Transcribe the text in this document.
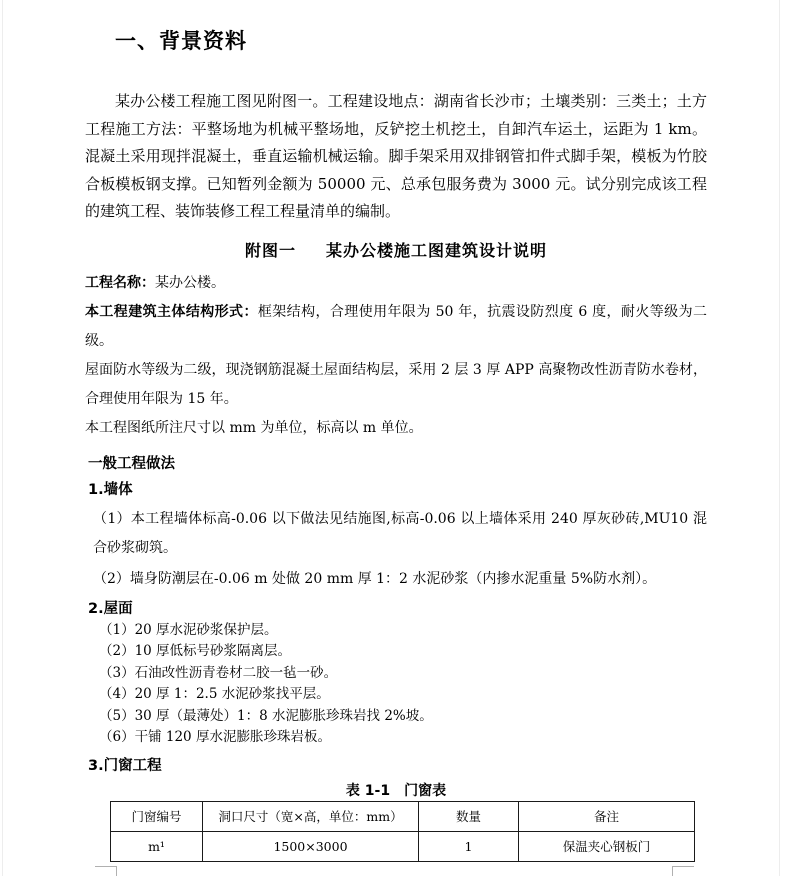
一、背景资料

某办公楼工程施工图见附图一。工程建设地点：湖南省长沙市；土壤类别：三类土；土方工程施工方法：平整场地为机械平整场地，反铲挖土机挖土，自卸汽车运土，运距为 1 km。混凝土采用现拌混凝土，垂直运输机械运输。脚手架采用双排钢管扣件式脚手架，模板为竹胶合板模板钢支撑。已知暂列金额为 50000 元、总承包服务费为 3000 元。试分别完成该工程的建筑工程、装饰装修工程工程量清单的编制。

附图一 某办公楼施工图建筑设计说明

工程名称：某办公楼。

本工程建筑主体结构形式：框架结构，合理使用年限为 50 年，抗震设防烈度 6 度，耐火等级为二级。

屋面防水等级为二级，现浇钢筋混凝土屋面结构层，采用 2 层 3 厚 APP 高聚物改性沥青防水卷材，合理使用年限为 15 年。

本工程图纸所注尺寸以 mm 为单位，标高以 m 单位。

一般工程做法
1.墙体

（1）本工程墙体标高-0.06 以下做法见结施图,标高-0.06 以上墙体采用 240 厚灰砂砖,MU10 混合砂浆砌筑。

（2）墙身防潮层在-0.06 m 处做 20 mm 厚 1：2 水泥砂浆（内掺水泥重量 5%防水剂）。

2.屋面

（1）20 厚水泥砂浆保护层。

（2）10 厚低标号砂浆隔离层。

（3）石油改性沥青卷材二胶一毡一砂。

（4）20 厚 1：2.5 水泥砂浆找平层。

（5）30 厚（最薄处）1：8 水泥膨胀珍珠岩找 2%坡。

（6）干铺 120 厚水泥膨胀珍珠岩板。

3.门窗工程

表 1-1 门窗表

门窗编号	洞口尺寸（宽×高，单位：mm）	数量	备注
m¹	1500×3000	1	保温夹心钢板门
